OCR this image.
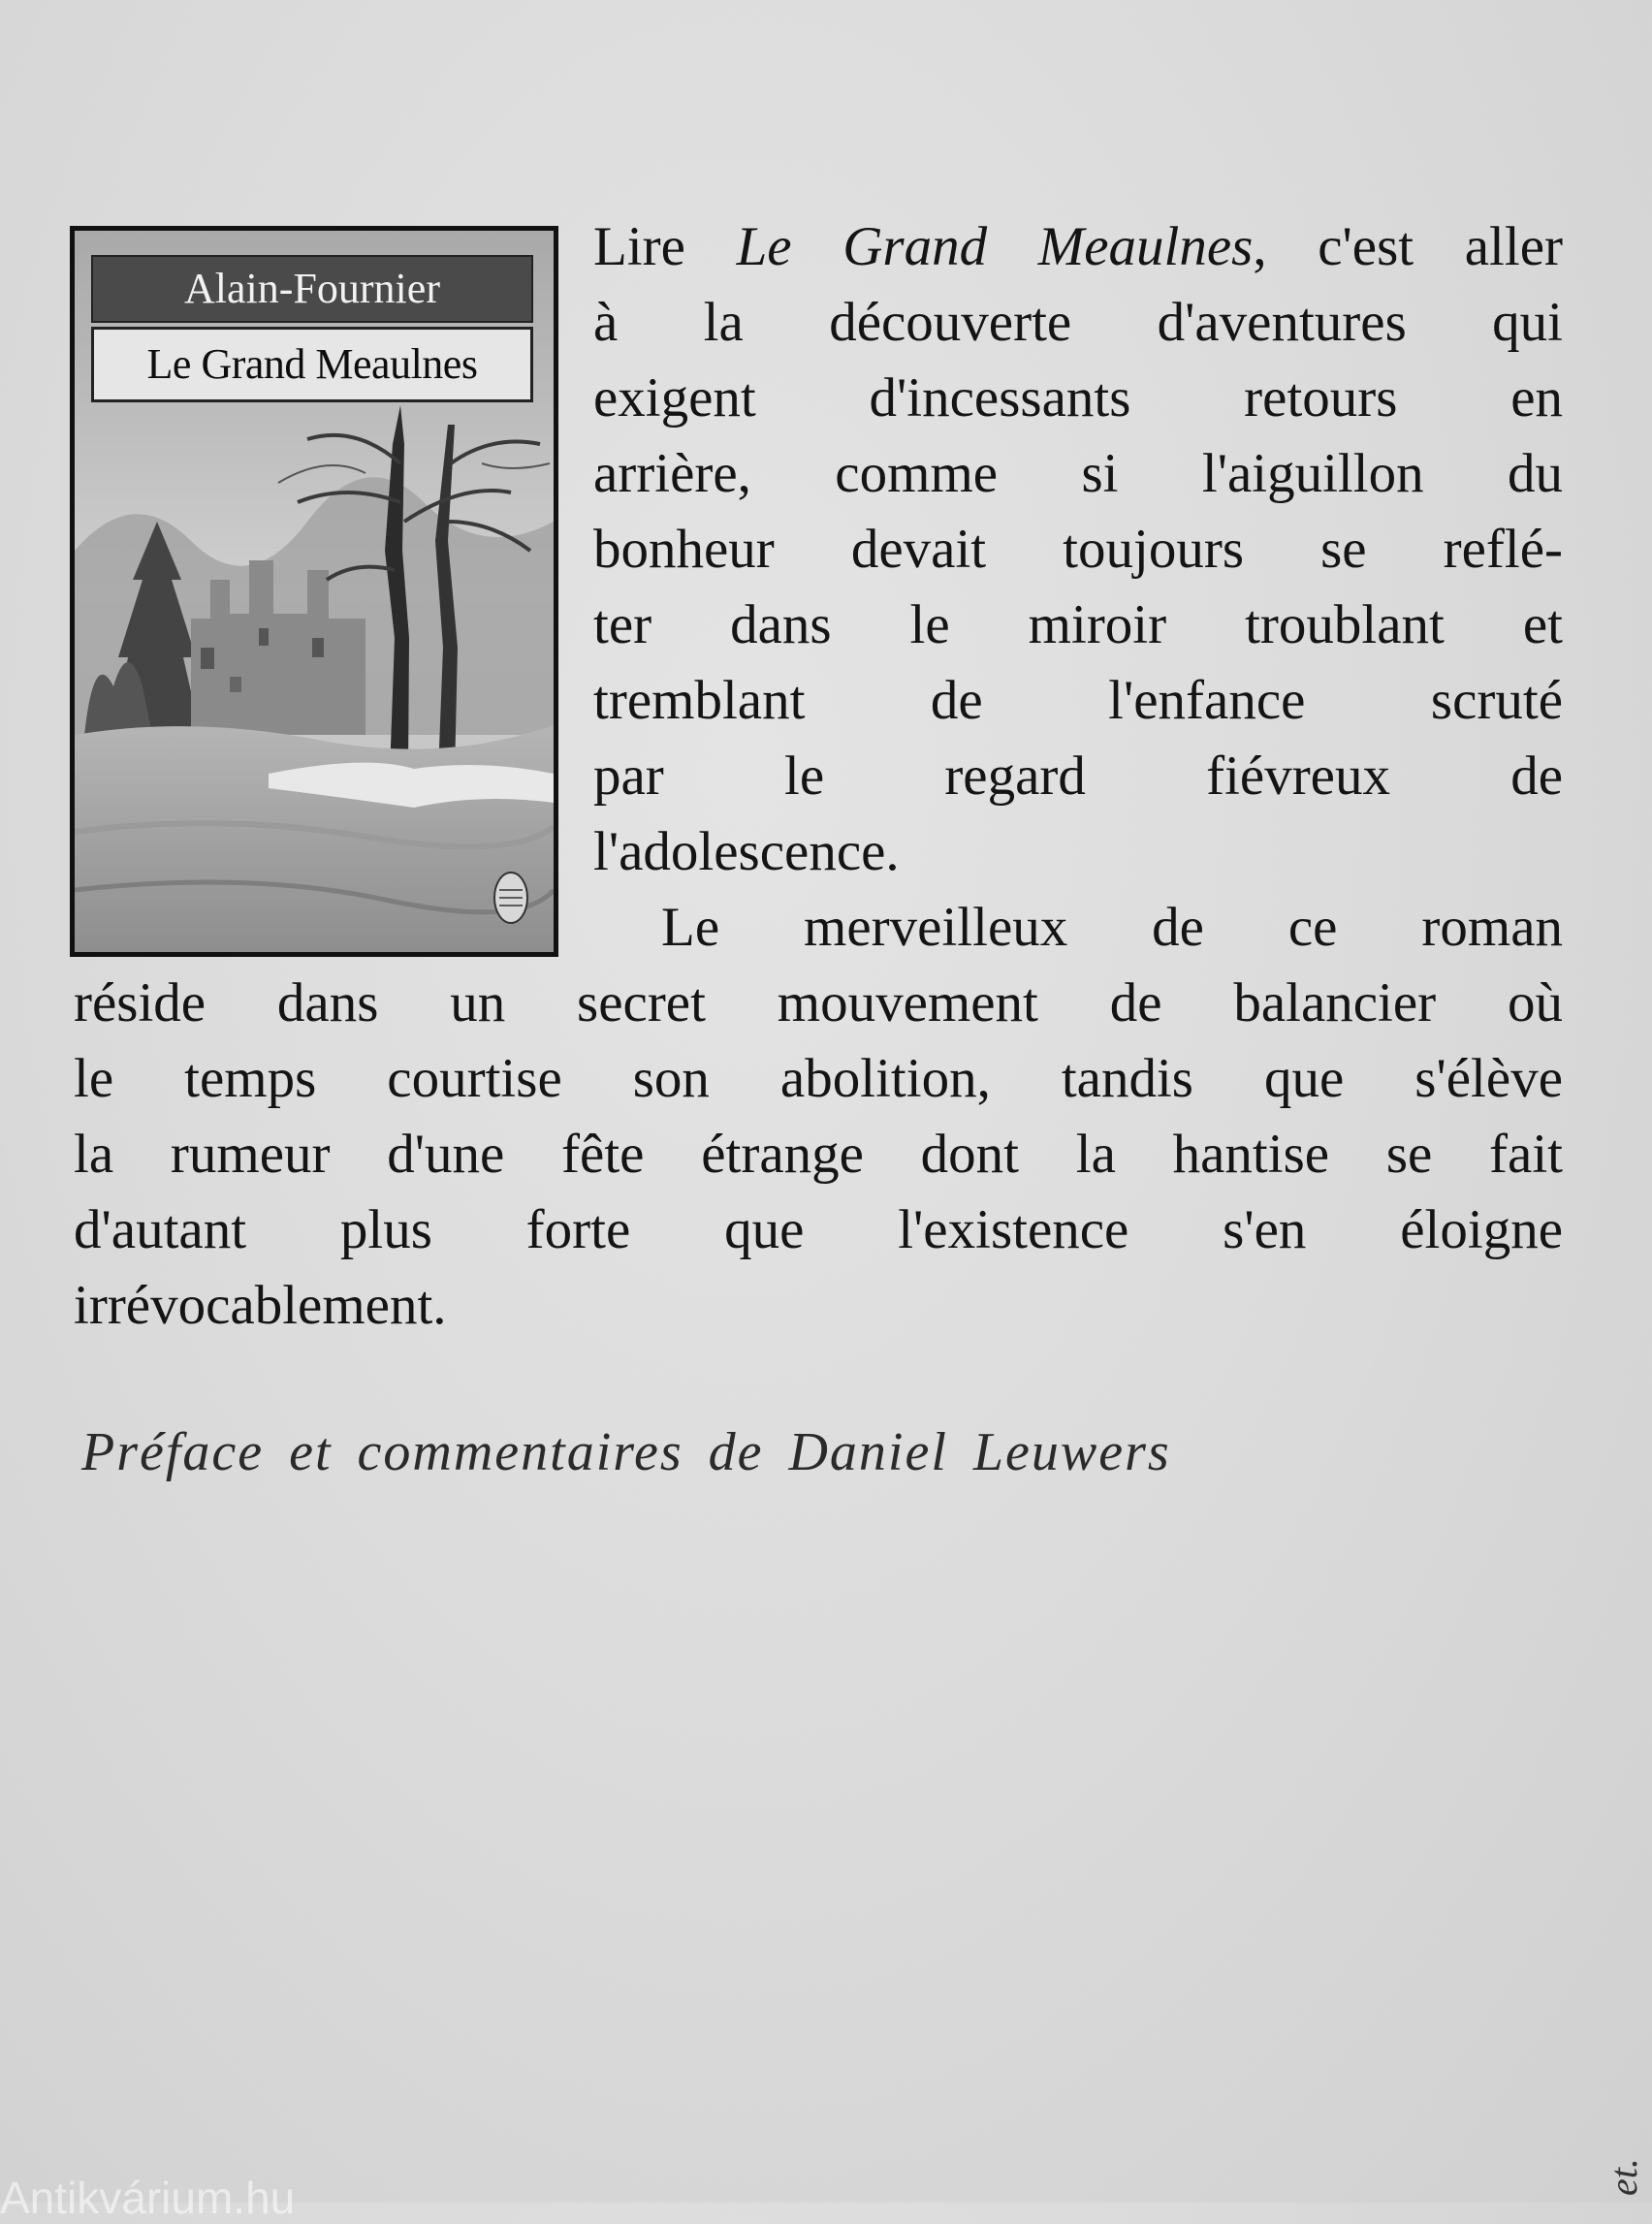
Alain-Fournier
Le Grand Meaulnes

Lire Le Grand Meaulnes, c'est aller

à la découverte d'aventures qui

exigent d'incessants retours en

arrière, comme si l'aiguillon du

bonheur devait toujours se reflé-

ter dans le miroir troublant et

tremblant de l'enfance scruté

par le regard fiévreux de

l'adolescence.

Le merveilleux de ce roman

réside dans un secret mouvement de balancier où

le temps courtise son abolition, tandis que s'élève

la rumeur d'une fête étrange dont la hantise se fait

d'autant plus forte que l'existence s'en éloigne

irrévocablement.

Préface et commentaires de Daniel Leuwers
Antikvárium.hu	et.
